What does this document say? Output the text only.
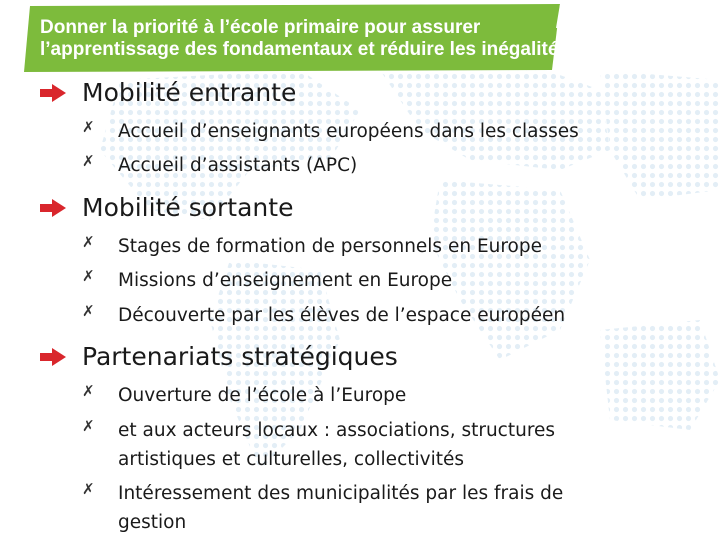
Donner la priorité à l’école primaire pour assurer
l’apprentissage des fondamentaux et réduire les inégalités
Mobilité entrante
✗ Accueil d’enseignants européens dans les classes
✗ Accueil d’assistants (APC)
Mobilité sortante
✗ Stages de formation de personnels en Europe
✗ Missions d’enseignement en Europe
✗ Découverte par les élèves de l’espace européen
Partenariats stratégiques
✗ Ouverture de l’école à l’Europe
✗ et aux acteurs locaux : associations, structures
artistiques et culturelles, collectivités
✗ Intéressement des municipalités par les frais de
gestion
